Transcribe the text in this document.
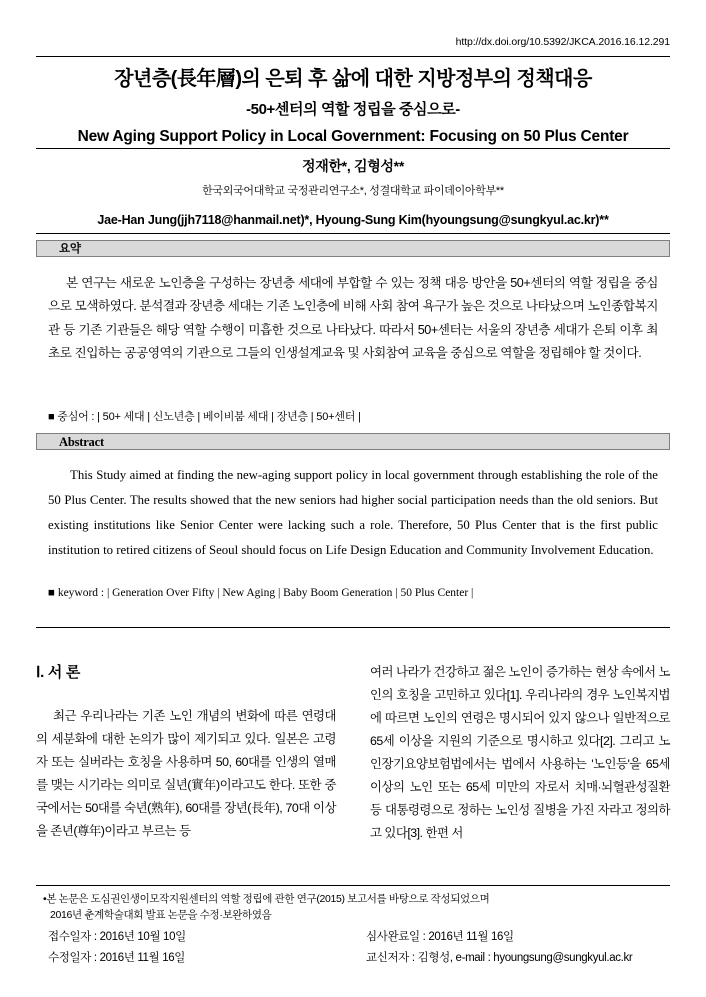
http://dx.doi.org/10.5392/JKCA.2016.16.12.291
장년층(長年層)의 은퇴 후 삶에 대한 지방정부의 정책대응
-50+센터의 역할 정립을 중심으로-
New Aging Support Policy in Local Government: Focusing on 50 Plus Center
정재한*, 김형성**
한국외국어대학교 국정관리연구소*, 성결대학교 파이데이아학부**
Jae-Han Jung(jjh7118@hanmail.net)*, Hyoung-Sung Kim(hyoungsung@sungkyul.ac.kr)**
요약
본 연구는 새로운 노인층을 구성하는 장년층 세대에 부합할 수 있는 정책 대응 방안을 50+센터의 역할 정립을 중심으로 모색하였다. 분석결과 장년층 세대는 기존 노인층에 비해 사회 참여 욕구가 높은 것으로 나타났으며 노인종합복지관 등 기존 기관들은 해당 역할 수행이 미흡한 것으로 나타났다. 따라서 50+센터는 서울의 장년층 세대가 은퇴 이후 최초로 진입하는 공공영역의 기관으로 그들의 인생설계교육 및 사회참여 교육을 중심으로 역할을 정립해야 할 것이다.
■ 중심어 : | 50+ 세대 | 신노년층 | 베이비붐 세대 | 장년층 | 50+센터 |
Abstract
This Study aimed at finding the new-aging support policy in local government through establishing the role of the 50 Plus Center. The results showed that the new seniors had higher social participation needs than the old seniors. But existing institutions like Senior Center were lacking such a role. Therefore, 50 Plus Center that is the first public institution to retired citizens of Seoul should focus on Life Design Education and Community Involvement Education.
■ keyword : | Generation Over Fifty | New Aging | Baby Boom Generation | 50 Plus Center |
Ⅰ. 서 론

최근 우리나라는 기존 노인 개념의 변화에 따른 연령대의 세분화에 대한 논의가 많이 제기되고 있다. 일본은 고령자 또는 실버라는 호칭을 사용하며 50, 60대를 인생의 열매를 맺는 시기라는 의미로 실년(實年)이라고도 한다. 또한 중국에서는 50대를 숙년(熟年), 60대를 장년(長年), 70대 이상을 존년(尊年)이라고 부르는 등

여러 나라가 건강하고 젊은 노인이 증가하는 현상 속에서 노인의 호칭을 고민하고 있다[1]. 우리나라의 경우 노인복지법에 따르면 노인의 연령은 명시되어 있지 않으나 일반적으로 65세 이상을 지원의 기준으로 명시하고 있다[2]. 그리고 노인장기요양보험법에서는 법에서 사용하는 '노인등'을 65세 이상의 노인 또는 65세 미만의 자로서 치매·뇌혈관성질환 등 대통령령으로 정하는 노인성 질병을 가진 자라고 정의하고 있다[3]. 한편 서

•본 논문은 도심권인생이모작지원센터의 역할 정립에 관한 연구(2015) 보고서를 바탕으로 작성되었으며
2016년 춘계학술대회 발표 논문을 수정·보완하였음
접수일자 : 2016년 10월 10일	심사완료일 : 2016년 11월 16일
수정일자 : 2016년 11월 16일	교신저자 : 김형성, e-mail : hyoungsung@sungkyul.ac.kr
